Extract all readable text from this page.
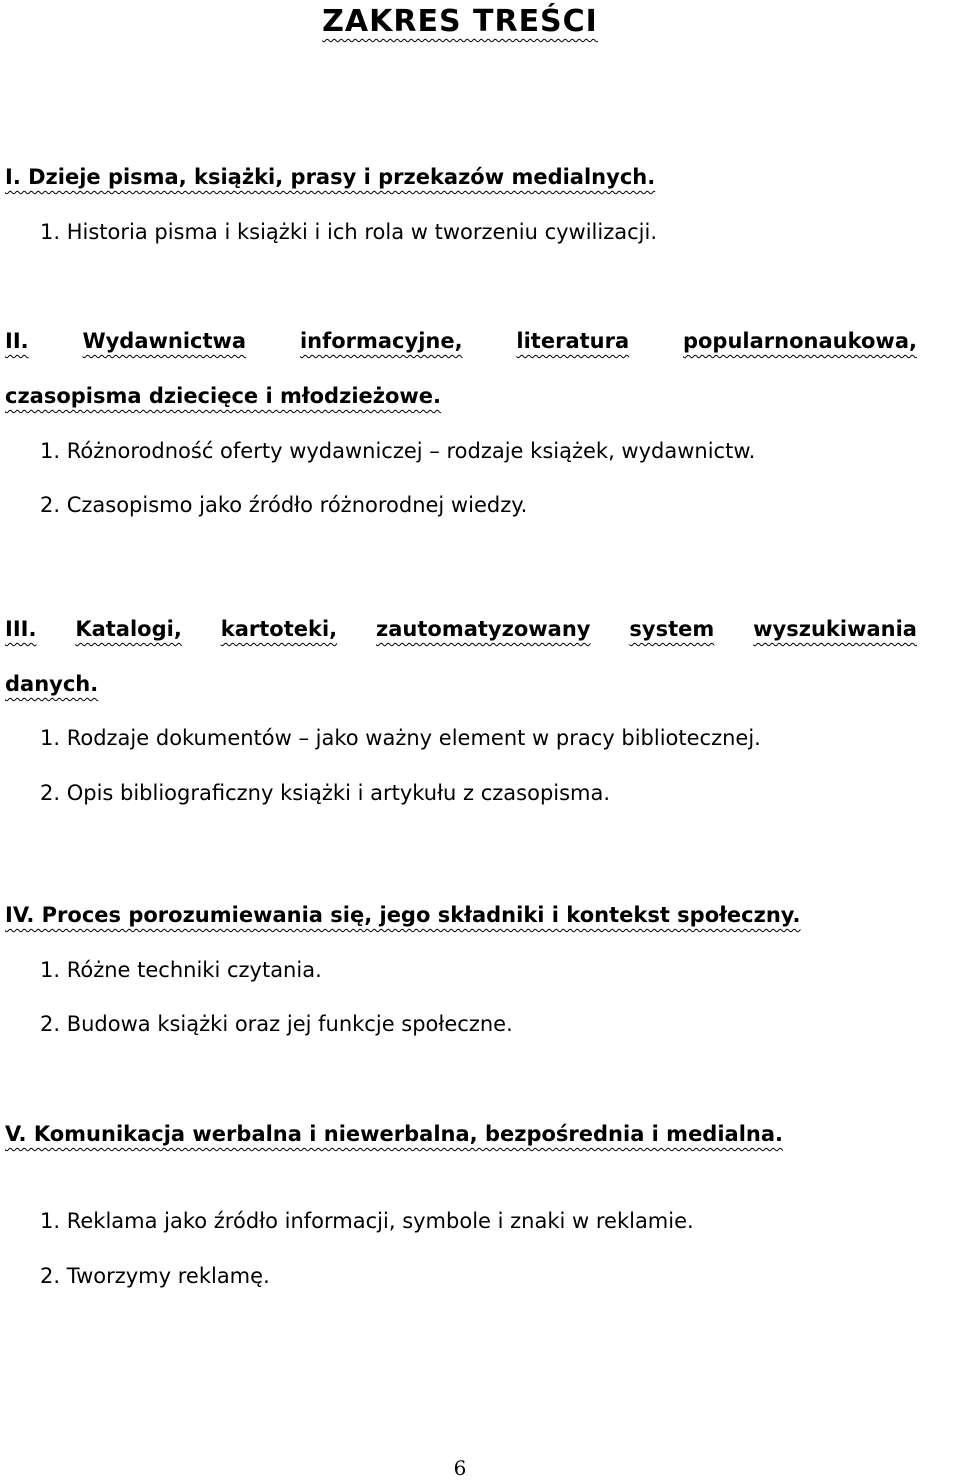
ZAKRES TREŚCI
I. Dzieje pisma, książki, prasy i przekazów medialnych.
1. Historia pisma i książki i ich rola w tworzeniu cywilizacji.
II.	Wydawnictwa	informacyjne,	literatura	popularnonaukowa,
czasopisma dziecięce i młodzieżowe.
1. Różnorodność oferty wydawniczej – rodzaje książek, wydawnictw.
2. Czasopismo jako źródło różnorodnej wiedzy.
III. Katalogi, kartoteki, zautomatyzowany system wyszukiwania
danych.
1. Rodzaje dokumentów – jako ważny element w pracy bibliotecznej.
2. Opis bibliograficzny książki i artykułu z czasopisma.
IV. Proces porozumiewania się, jego składniki i kontekst społeczny.
1. Różne techniki czytania.
2. Budowa książki oraz jej funkcje społeczne.
V. Komunikacja werbalna i niewerbalna, bezpośrednia i medialna.
1. Reklama jako źródło informacji, symbole i znaki w reklamie.
2. Tworzymy reklamę.
6
